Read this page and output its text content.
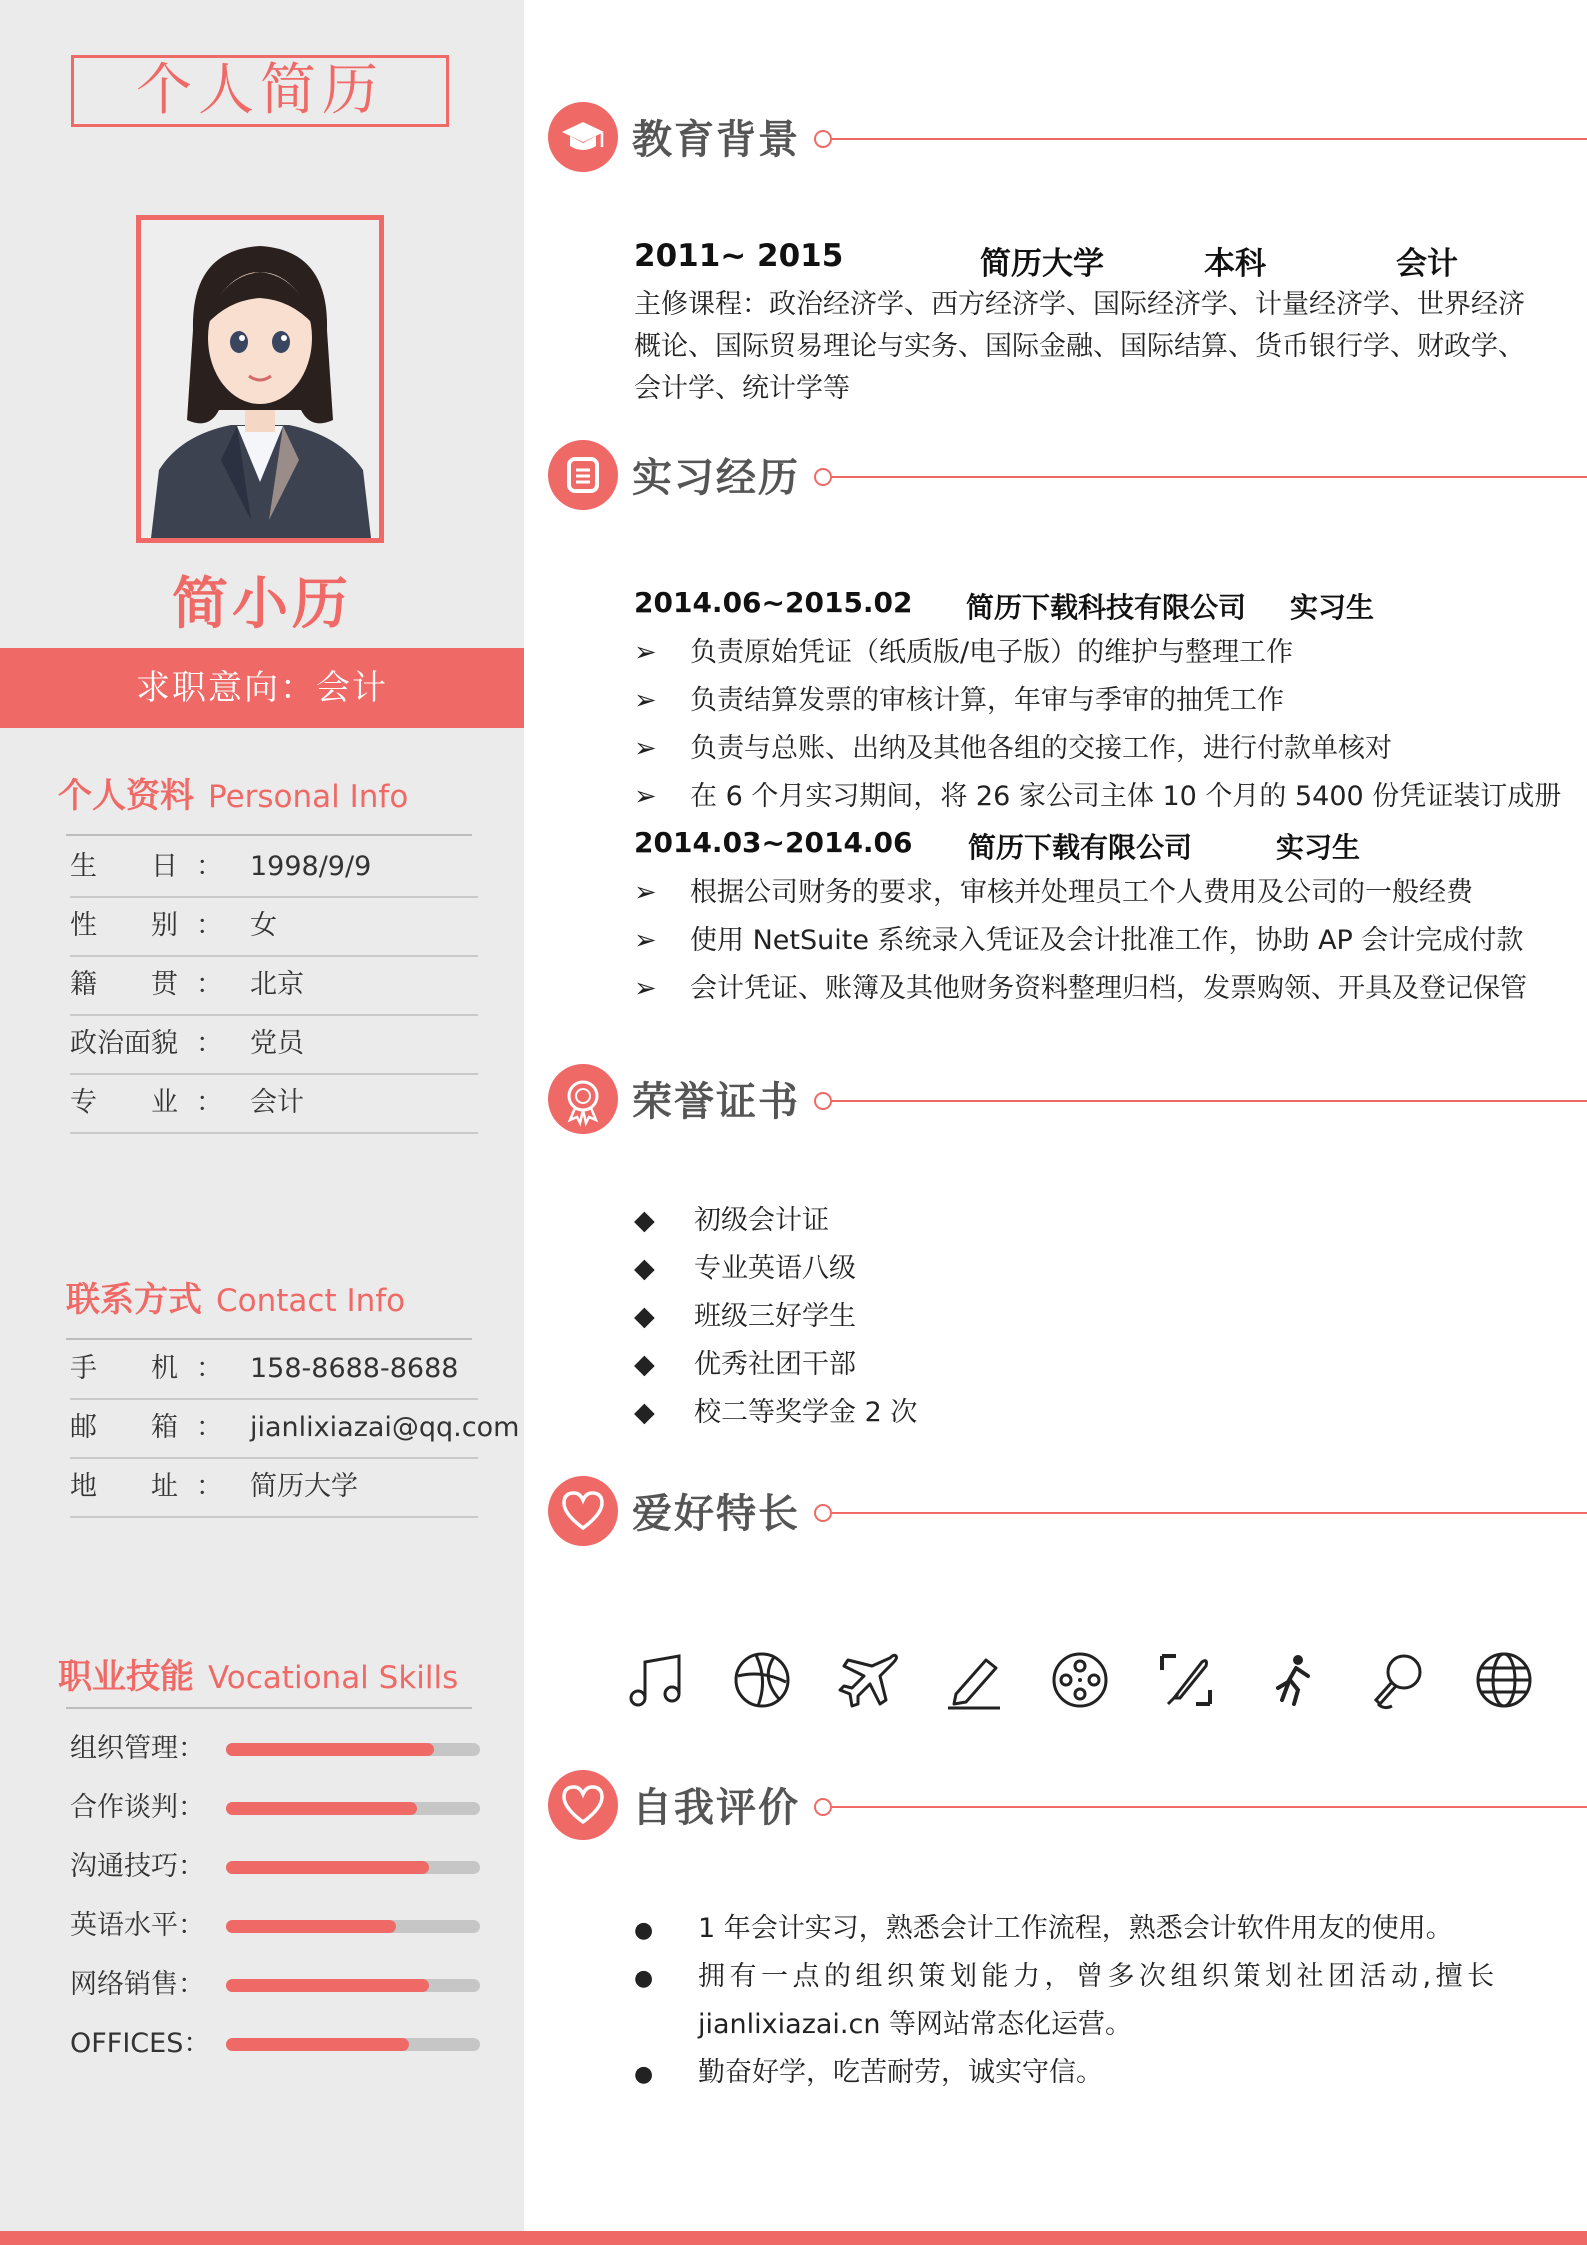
个人简历
简小历
求职意向：会计
个人资料 Personal Info
生　　日 ： 1998/9/9
性　　别 ： 女
籍　　贯 ： 北京
政治面貌 ： 党员
专　　业 ： 会计
联系方式 Contact Info
手　　机 ： 158-8688-8688
邮　　箱 ： jianlixiazai@qq.com
地　　址 ： 简历大学
职业技能 Vocational Skills
组织管理：
合作谈判：
沟通技巧：
英语水平：
网络销售：
OFFICES：
教育背景
2011~ 2015	简历大学	本科	会计
主修课程：政治经济学、西方经济学、国际经济学、计量经济学、世界经济概论、国际贸易理论与实务、国际金融、国际结算、货币银行学、财政学、会计学、统计学等
实习经历
2014.06~2015.02 简历下载科技有限公司 实习生
➢ 负责原始凭证（纸质版/电子版）的维护与整理工作
➢ 负责结算发票的审核计算，年审与季审的抽凭工作
➢ 负责与总账、出纳及其他各组的交接工作，进行付款单核对
➢ 在 6 个月实习期间，将 26 家公司主体 10 个月的 5400 份凭证装订成册
2014.03~2014.06 简历下载有限公司	实习生
➢ 根据公司财务的要求，审核并处理员工个人费用及公司的一般经费
➢ 使用 NetSuite 系统录入凭证及会计批准工作，协助 AP 会计完成付款
➢ 会计凭证、账簿及其他财务资料整理归档，发票购领、开具及登记保管
荣誉证书
◆ 初级会计证
◆ 专业英语八级
◆ 班级三好学生
◆ 优秀社团干部
◆ 校二等奖学金 2 次
爱好特长
自我评价
● 1 年会计实习，熟悉会计工作流程，熟悉会计软件用友的使用。
● 拥有一点的组织策划能力，曾多次组织策划社团活动,擅长
jianlixiazai.cn 等网站常态化运营。
● 勤奋好学，吃苦耐劳，诚实守信。
